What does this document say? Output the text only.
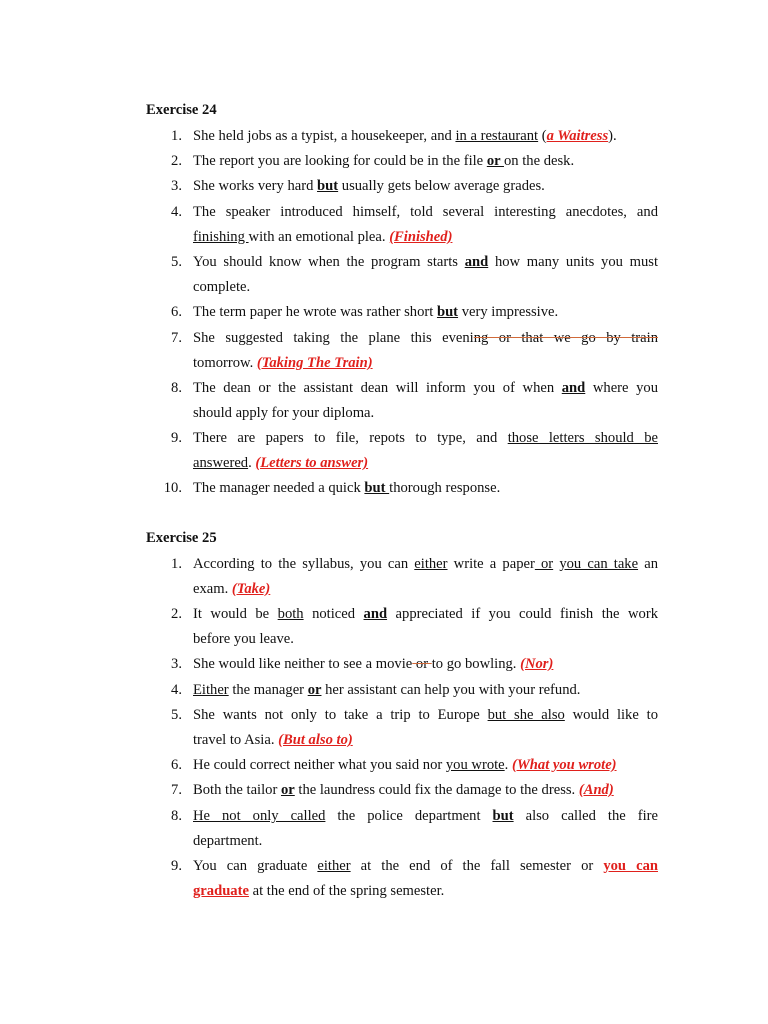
Exercise 24
1. She held jobs as a typist, a housekeeper, and in a restaurant (a Waitress).
2. The report you are looking for could be in the file or on the desk.
3. She works very hard but usually gets below average grades.
4. The speaker introduced himself, told several interesting anecdotes, and
finishing with an emotional plea. (Finished)
5. You should know when the program starts and how many units you must
complete.
6. The term paper he wrote was rather short but very impressive.
7. She suggested taking the plane this evening or that we go by train
tomorrow. (Taking The Train)
8. The dean or the assistant dean will inform you of when and where you
should apply for your diploma.
9. There are papers to file, repots to type, and those letters should be
answered. (Letters to answer)
10. The manager needed a quick but thorough response.
Exercise 25
1. According to the syllabus, you can either write a paper or you can take an
exam. (Take)
2. It would be both noticed and appreciated if you could finish the work
before you leave.
3. She would like neither to see a movie or to go bowling. (Nor)
4. Either the manager or her assistant can help you with your refund.
5. She wants not only to take a trip to Europe but she also would like to
travel to Asia. (But also to)
6. He could correct neither what you said nor you wrote. (What you wrote)
7. Both the tailor or the laundress could fix the damage to the dress. (And)
8. He not only called the police department but also called the fire
department.
9. You can graduate either at the end of the fall semester or you can
graduate at the end of the spring semester.
